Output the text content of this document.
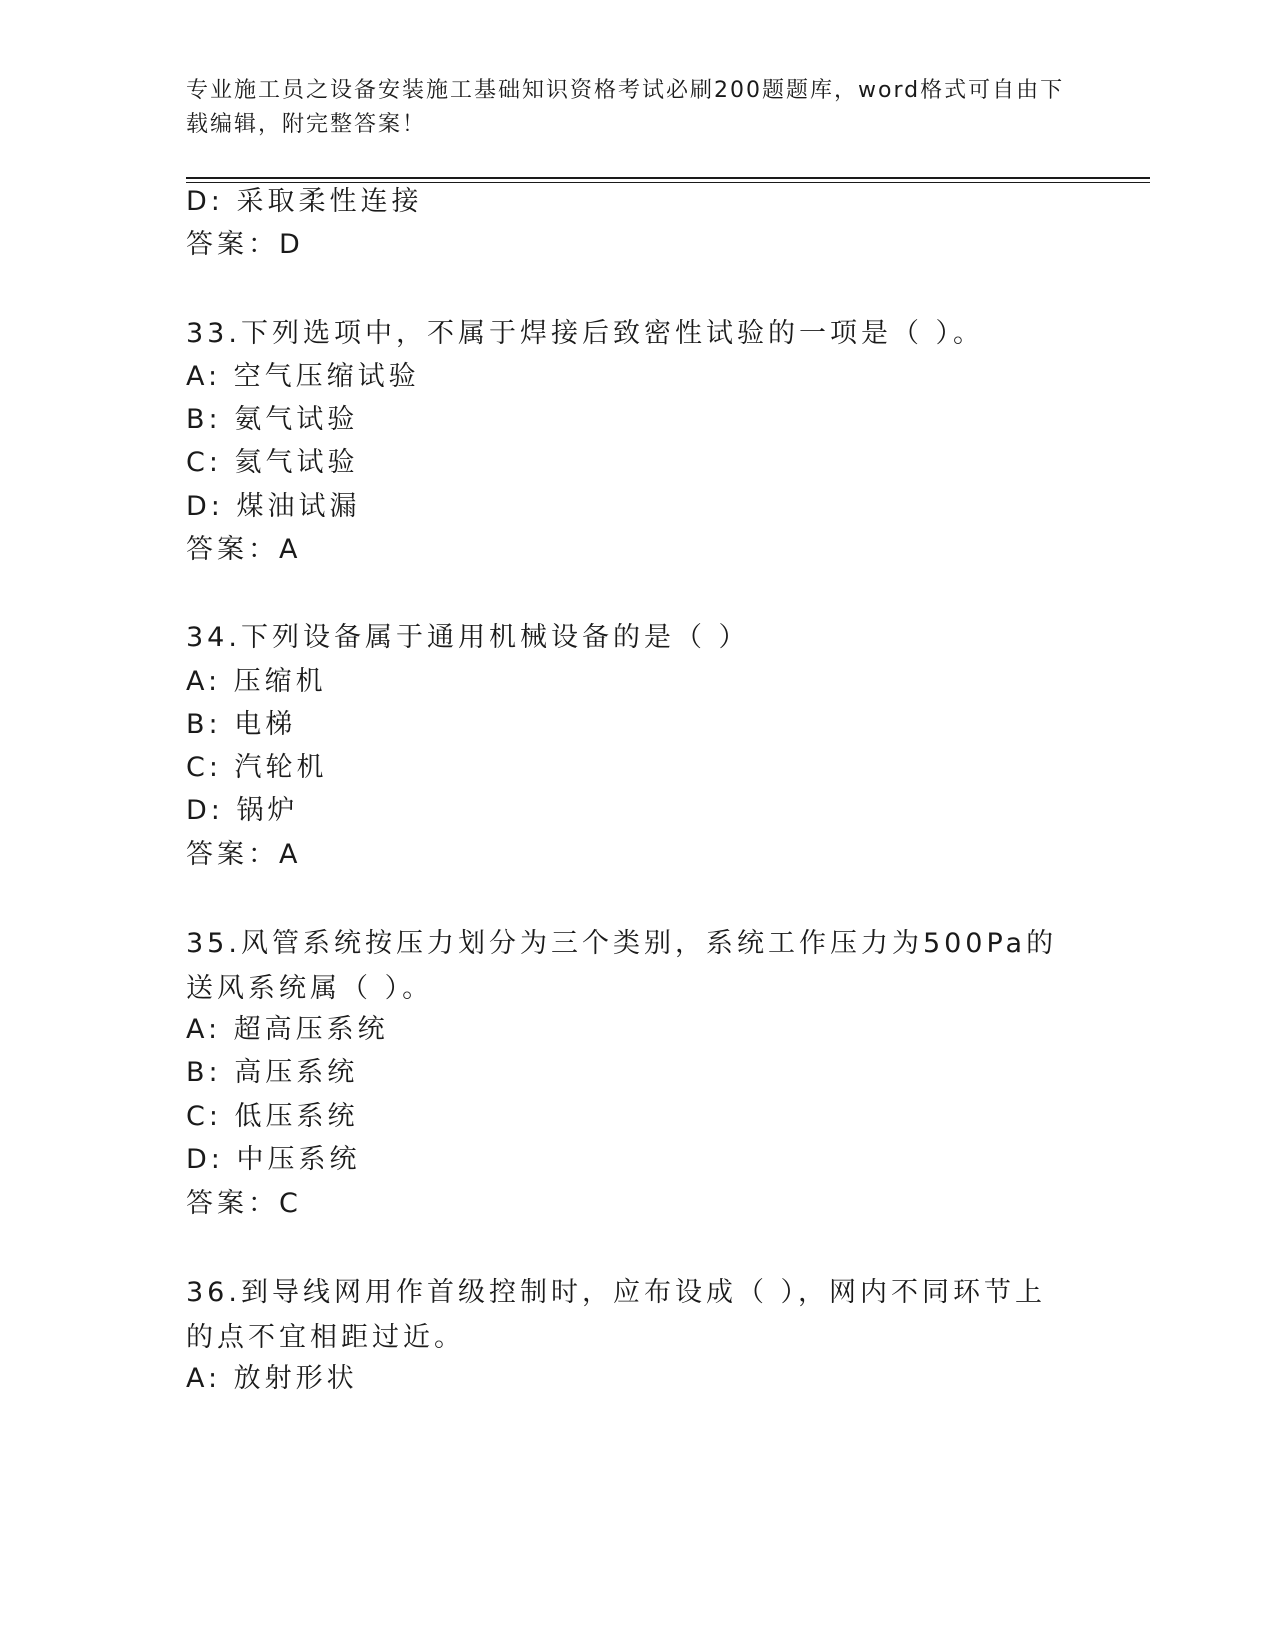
专业施工员之设备安装施工基础知识资格考试必刷200题题库，word格式可自由下载编辑，附完整答案！
D: 采取柔性连接
答案：D
33.下列选项中，不属于焊接后致密性试验的一项是（ ）。
A: 空气压缩试验
B: 氨气试验
C: 氦气试验
D: 煤油试漏
答案：A
34.下列设备属于通用机械设备的是（ ）
A: 压缩机
B: 电梯
C: 汽轮机
D: 锅炉
答案：A
35.风管系统按压力划分为三个类别，系统工作压力为500Pa的送风系统属（ ）。
A: 超高压系统
B: 高压系统
C: 低压系统
D: 中压系统
答案：C
36.到导线网用作首级控制时，应布设成（ ），网内不同环节上的点不宜相距过近。
A: 放射形状
